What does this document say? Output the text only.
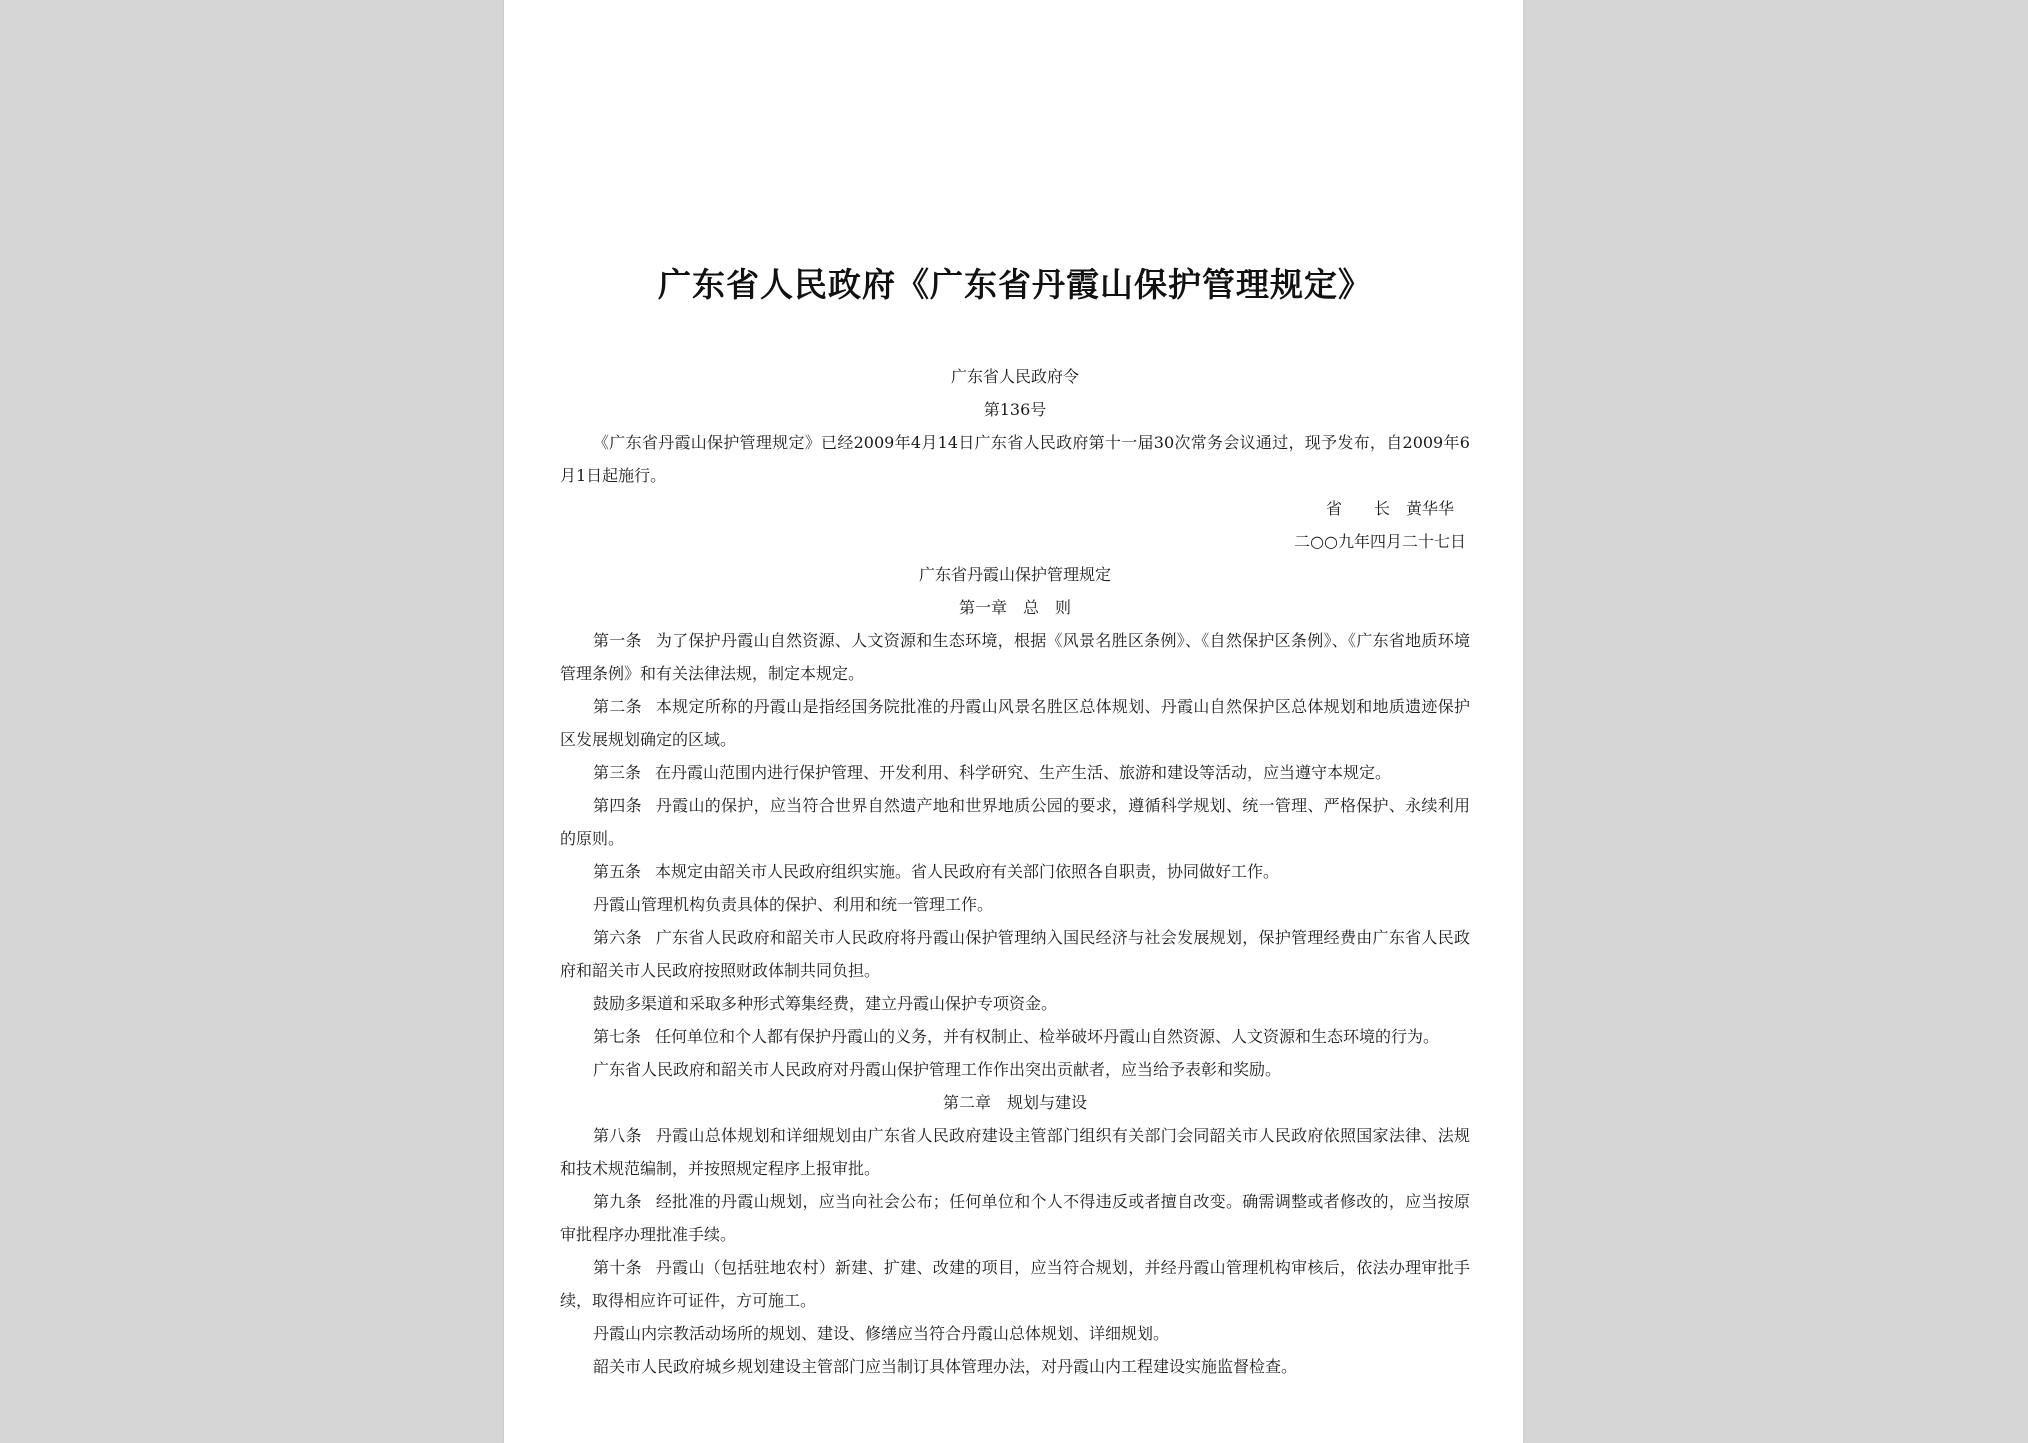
广东省人民政府《广东省丹霞山保护管理规定》

广东省人民政府令

第136号

《广东省丹霞山保护管理规定》已经2009年4月14日广东省人民政府第十一届30次常务会议通过，现予发布，自2009年6月1日起施行。

省　　长　黄华华

二○○九年四月二十七日

广东省丹霞山保护管理规定

第一章　总　则

第一条 为了保护丹霞山自然资源、人文资源和生态环境，根据《风景名胜区条例》、《自然保护区条例》、《广东省地质环境管理条例》和有关法律法规，制定本规定。

第二条 本规定所称的丹霞山是指经国务院批准的丹霞山风景名胜区总体规划、丹霞山自然保护区总体规划和地质遗迹保护区发展规划确定的区域。

第三条 在丹霞山范围内进行保护管理、开发利用、科学研究、生产生活、旅游和建设等活动，应当遵守本规定。

第四条 丹霞山的保护，应当符合世界自然遗产地和世界地质公园的要求，遵循科学规划、统一管理、严格保护、永续利用的原则。

第五条 本规定由韶关市人民政府组织实施。省人民政府有关部门依照各自职责，协同做好工作。

丹霞山管理机构负责具体的保护、利用和统一管理工作。

第六条 广东省人民政府和韶关市人民政府将丹霞山保护管理纳入国民经济与社会发展规划，保护管理经费由广东省人民政府和韶关市人民政府按照财政体制共同负担。

鼓励多渠道和采取多种形式筹集经费，建立丹霞山保护专项资金。

第七条 任何单位和个人都有保护丹霞山的义务，并有权制止、检举破坏丹霞山自然资源、人文资源和生态环境的行为。

广东省人民政府和韶关市人民政府对丹霞山保护管理工作作出突出贡献者，应当给予表彰和奖励。

第二章　规划与建设

第八条 丹霞山总体规划和详细规划由广东省人民政府建设主管部门组织有关部门会同韶关市人民政府依照国家法律、法规和技术规范编制，并按照规定程序上报审批。

第九条 经批准的丹霞山规划，应当向社会公布；任何单位和个人不得违反或者擅自改变。确需调整或者修改的，应当按原审批程序办理批准手续。

第十条 丹霞山（包括驻地农村）新建、扩建、改建的项目，应当符合规划，并经丹霞山管理机构审核后，依法办理审批手续，取得相应许可证件，方可施工。

丹霞山内宗教活动场所的规划、建设、修缮应当符合丹霞山总体规划、详细规划。

韶关市人民政府城乡规划建设主管部门应当制订具体管理办法，对丹霞山内工程建设实施监督检查。
